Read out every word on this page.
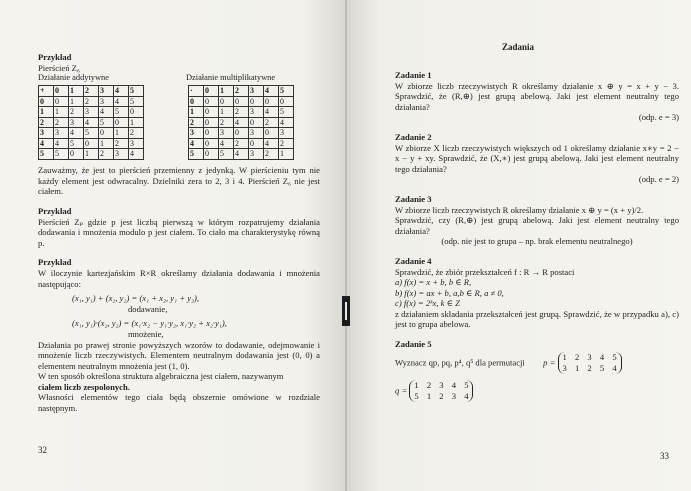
Przykład

Pierścień Z₆

Działanie addytywne	Działanie multiplikatywne
+	0	1	2	3	4	5
0	0	1	2	3	4	5
1	1	2	3	4	5	0
2	2	3	4	5	0	1
3	3	4	5	0	1	2
4	4	5	0	1	2	3
5	5	0	1	2	3	4
·	0	1	2	3	4	5
0	0	0	0	0	0	0
1	0	1	2	3	4	5
2	0	2	4	0	2	4
3	0	3	0	3	0	3
4	0	4	2	0	4	2
5	0	5	4	3	2	1

Zauważmy, że jest to pierścień przemienny z jedynką. W pierścieniu tym nie każdy element jest odwracalny. Dzielniki zera to 2, 3 i 4. Pierścień Z₆ nie jest ciałem.

Przykład

Pierścień Zₚ gdzie p jest liczbą pierwszą w którym rozpatrujemy działania dodawania i mnożenia modulo p jest ciałem. To ciało ma charakterystykę równą p.

Przykład

W iloczynie kartezjańskim R×R określamy działania dodawania i mnożenia następująco:

(x₁, y₁) + (x₂, y₂) = (x₁ + x₂, y₁ + y₂),

dodawanie,

(x₁, y₁)·(x₂, y₂) = (x₁·x₂ − y₁·y₂, x₁·y₂ + x₂·y₁),

mnożenie,

Działania po prawej stronie powyższych wzorów to dodawanie, odejmowanie i mnożenie liczb rzeczywistych. Elementem neutralnym dodawania jest (0, 0) a elementem neutralnym mnożenia jest (1, 0).

W ten sposób określona struktura algebraiczna jest ciałem, nazywanym
ciałem liczb zespolonych.

Własności elementów tego ciała będą obszernie omówione w rozdziale następnym.

32
Zadania

Zadanie 1

W zbiorze liczb rzeczywistych R określamy działanie x ⊕ y = x + y − 3. Sprawdzić, że (R,⊕) jest grupą abelową. Jaki jest element neutralny tego działania?

(odp. e = 3)

Zadanie 2

W zbiorze X liczb rzeczywistych większych od 1 określamy działanie x∗y = 2 − x − y + xy. Sprawdzić, że (X,∗) jest grupą abelową. Jaki jest element neutralny tego działania?

(odp. e = 2)

Zadanie 3

W zbiorze liczb rzeczywistych R określamy działanie x ⊕ y = (x + y)/2.

Sprawdzić, czy (R,⊕) jest grupą abelową. Jaki jest element neutralny tego działania?

(odp. nie jest to grupa – np. brak elementu neutralnego)

Zadanie 4

Sprawdzić, że zbiór przekształceń f : R → R postaci

a) f(x) = x + b, b ∈ R,

b) f(x) = ax + b, a,b ∈ R, a ≠ 0,

c) f(x) = 2ᵏx, k ∈ Z

z działaniem składania przekształceń jest grupą. Sprawdzić, że w przypadku a), c) jest to grupa abelowa.

Zadanie 5

Wyznacz qp, pq, p⁴, q⁵ dla permutacji p =
1 2 3 4 5
3 1 2 5 4
q =
1 2 3 4 5
5 1 2 3 4
33
